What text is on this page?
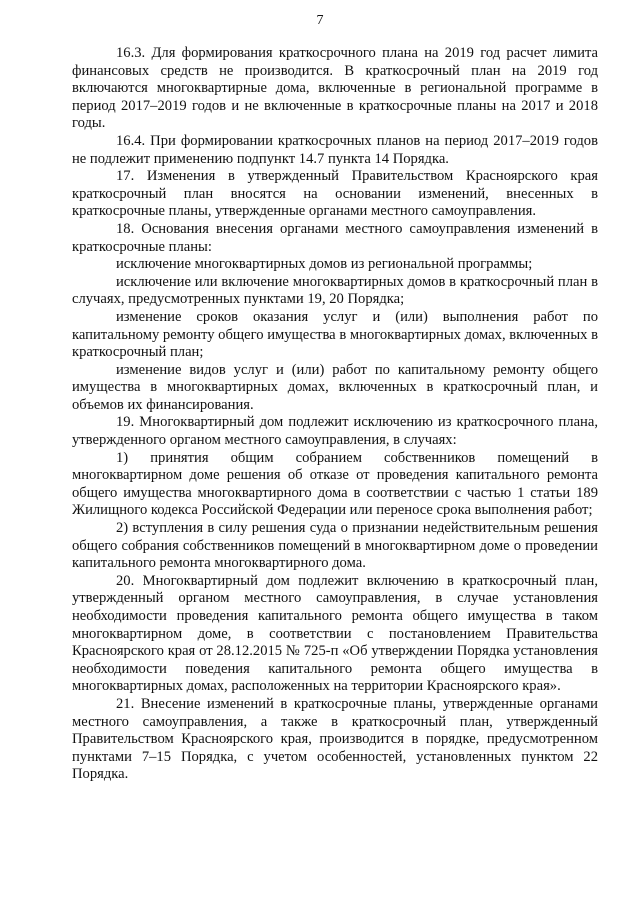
7

16.3. Для формирования краткосрочного плана на 2019 год расчет лимита финансовых средств не производится. В краткосрочный план на 2019 год включаются многоквартирные дома, включенные в региональной программе в период 2017–2019 годов и не включенные в краткосрочные планы на 2017 и 2018 годы.

16.4. При формировании краткосрочных планов на период 2017–2019 годов не подлежит применению подпункт 14.7 пункта 14 Порядка.

17. Изменения в утвержденный Правительством Красноярского края краткосрочный план вносятся на основании изменений, внесенных в краткосрочные планы, утвержденные органами местного самоуправления.

18. Основания внесения органами местного самоуправления изменений в краткосрочные планы:

исключение многоквартирных домов из региональной программы;

исключение или включение многоквартирных домов в краткосрочный план в случаях, предусмотренных пунктами 19, 20 Порядка;

изменение сроков оказания услуг и (или) выполнения работ по капитальному ремонту общего имущества в многоквартирных домах, включенных в краткосрочный план;

изменение видов услуг и (или) работ по капитальному ремонту общего имущества в многоквартирных домах, включенных в краткосрочный план, и объемов их финансирования.

19. Многоквартирный дом подлежит исключению из краткосрочного плана, утвержденного органом местного самоуправления, в случаях:

1) принятия общим собранием собственников помещений в многоквартирном доме решения об отказе от проведения капитального ремонта общего имущества многоквартирного дома в соответствии с частью 1 статьи 189 Жилищного кодекса Российской Федерации или переносе срока выполнения работ;

2) вступления в силу решения суда о признании недействительным решения общего собрания собственников помещений в многоквартирном доме о проведении капитального ремонта многоквартирного дома.

20. Многоквартирный дом подлежит включению в краткосрочный план, утвержденный органом местного самоуправления, в случае установления необходимости проведения капитального ремонта общего имущества в таком многоквартирном доме, в соответствии с постановлением Правительства Красноярского края от 28.12.2015 № 725-п «Об утверждении Порядка установления необходимости поведения капитального ремонта общего имущества в многоквартирных домах, расположенных на территории Красноярского края».

21. Внесение изменений в краткосрочные планы, утвержденные органами местного самоуправления, а также в краткосрочный план, утвержденный Правительством Красноярского края, производится в порядке, предусмотренном пунктами 7–15 Порядка, с учетом особенностей, установленных пунктом 22 Порядка.
